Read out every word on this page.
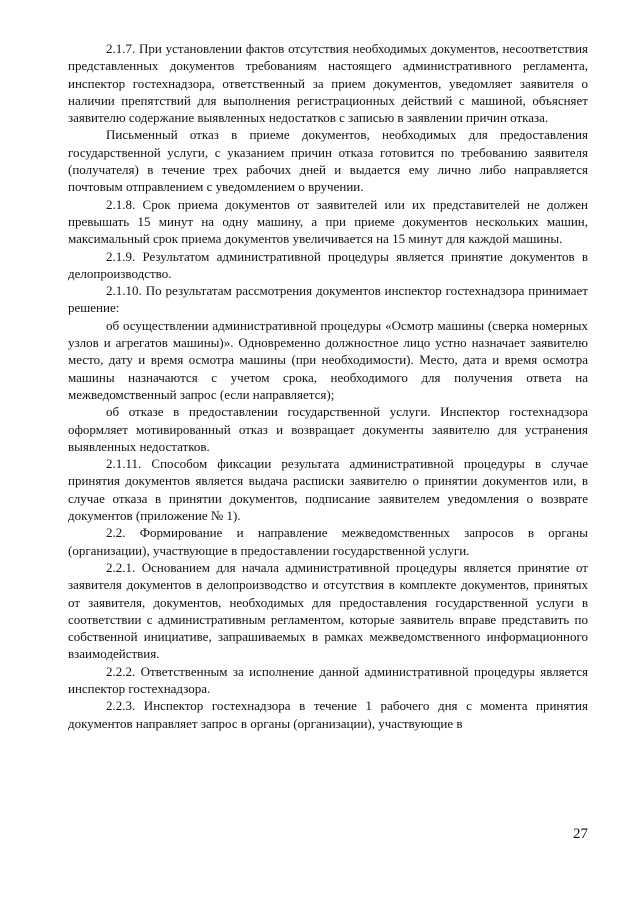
2.1.7. При установлении фактов отсутствия необходимых документов, несоответствия представленных документов требованиям настоящего административного регламента, инспектор гостехнадзора, ответственный за прием документов, уведомляет заявителя о наличии препятствий для выполнения регистрационных действий с машиной, объясняет заявителю содержание выявленных недостатков с записью в заявлении причин отказа.

Письменный отказ в приеме документов, необходимых для предоставления государственной услуги, с указанием причин отказа готовится по требованию заявителя (получателя) в течение трех рабочих дней и выдается ему лично либо направляется почтовым отправлением с уведомлением о вручении.

2.1.8. Срок приема документов от заявителей или их представителей не должен превышать 15 минут на одну машину, а при приеме документов нескольких машин, максимальный срок приема документов увеличивается на 15 минут для каждой машины.

2.1.9. Результатом административной процедуры является принятие документов в делопроизводство.

2.1.10. По результатам рассмотрения документов инспектор гостехнадзора принимает решение:

об осуществлении административной процедуры «Осмотр машины (сверка номерных узлов и агрегатов машины)». Одновременно должностное лицо устно назначает заявителю место, дату и время осмотра машины (при необходимости). Место, дата и время осмотра машины назначаются с учетом срока, необходимого для получения ответа на межведомственный запрос (если направляется);

об отказе в предоставлении государственной услуги. Инспектор гостехнадзора оформляет мотивированный отказ и возвращает документы заявителю для устранения выявленных недостатков.

2.1.11. Способом фиксации результата административной процедуры в случае принятия документов является выдача расписки заявителю о принятии документов или, в случае отказа в принятии документов, подписание заявителем уведомления о возврате документов (приложение № 1).

2.2. Формирование и направление межведомственных запросов в органы (организации), участвующие в предоставлении государственной услуги.

2.2.1. Основанием для начала административной процедуры является принятие от заявителя документов в делопроизводство и отсутствия в комплекте документов, принятых от заявителя, документов, необходимых для предоставления государственной услуги в соответствии с административным регламентом, которые заявитель вправе представить по собственной инициативе, запрашиваемых в рамках межведомственного информационного взаимодействия.

2.2.2. Ответственным за исполнение данной административной процедуры является инспектор гостехнадзора.

2.2.3. Инспектор гостехнадзора в течение 1 рабочего дня с момента принятия документов направляет запрос в органы (организации), участвующие в

27
